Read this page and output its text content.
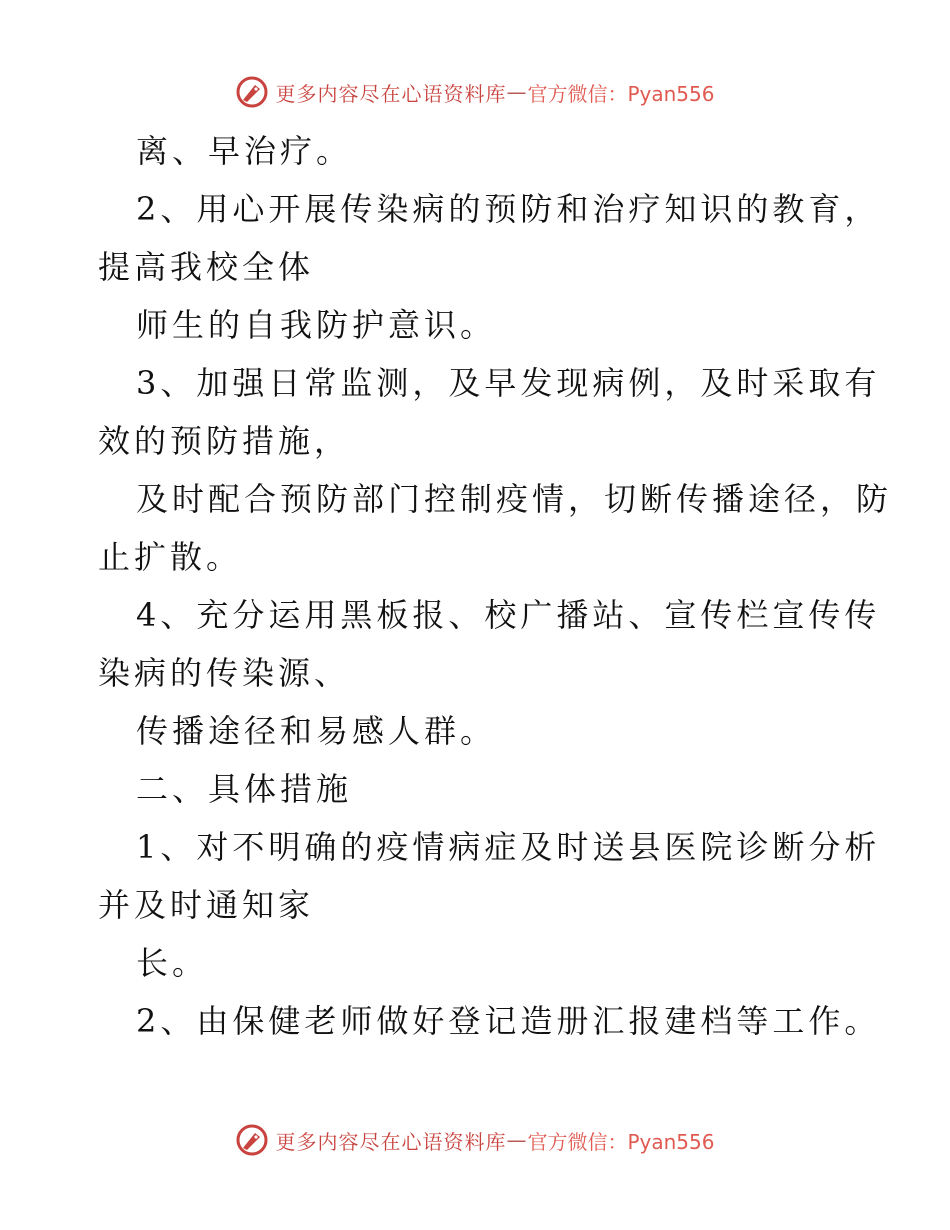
更多内容尽在心语资料库 — 官方微信：Pyan556

离、早治疗。

2、用心开展传染病的预防和治疗知识的教育，

提高我校全体

师生的自我防护意识。

3、加强日常监测，及早发现病例，及时采取有

效的预防措施，

及时配合预防部门控制疫情，切断传播途径，防

止扩散。

4、充分运用黑板报、校广播站、宣传栏宣传传

染病的传染源、

传播途径和易感人群。

二、具体措施

1、对不明确的疫情病症及时送县医院诊断分析

并及时通知家

长。

2、由保健老师做好登记造册汇报建档等工作。

更多内容尽在心语资料库 — 官方微信：Pyan556
